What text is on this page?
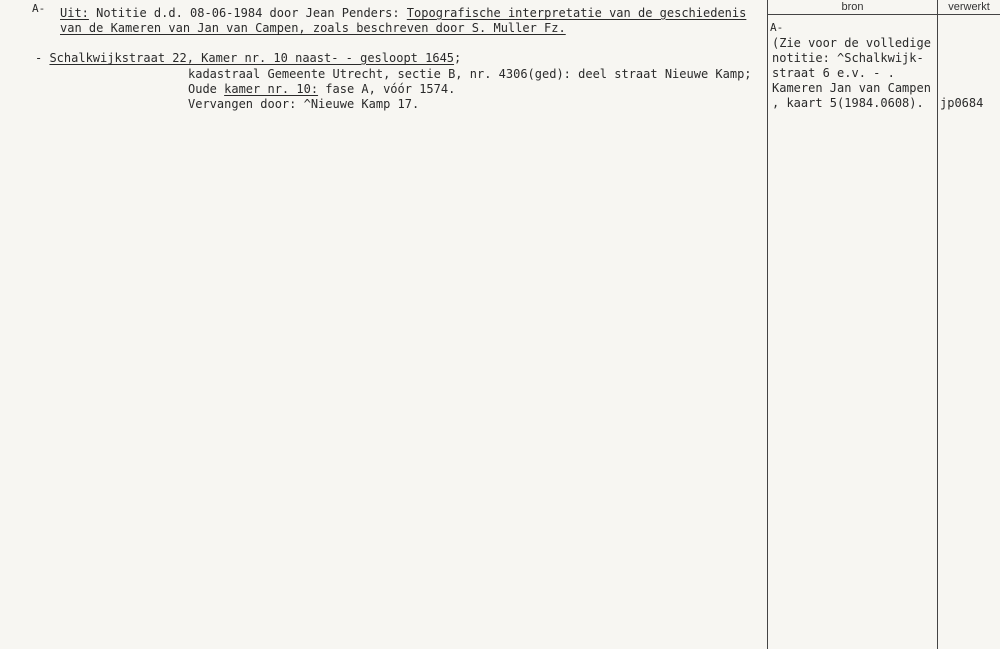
bron	verwerkt
A- Uit: Notitie d.d. 08-06-1984 door Jean Penders: Topografische interpretatie van de geschiedenis
van de Kameren van Jan van Campen, zoals beschreven door S. Muller Fz.
- Schalkwijkstraat 22, Kamer nr. 10 naast- - gesloopt 1645;
kadastraal Gemeente Utrecht, sectie B, nr. 4306(ged): deel straat Nieuwe Kamp;
Oude kamer nr. 10: fase A, vóór 1574.
Vervangen door: ^Nieuwe Kamp 17.
A-
(Zie voor de volledige
notitie: ^Schalkwijk-
straat 6 e.v. - .
Kameren Jan van Campen
, kaart 5(1984.0608). jp0684
